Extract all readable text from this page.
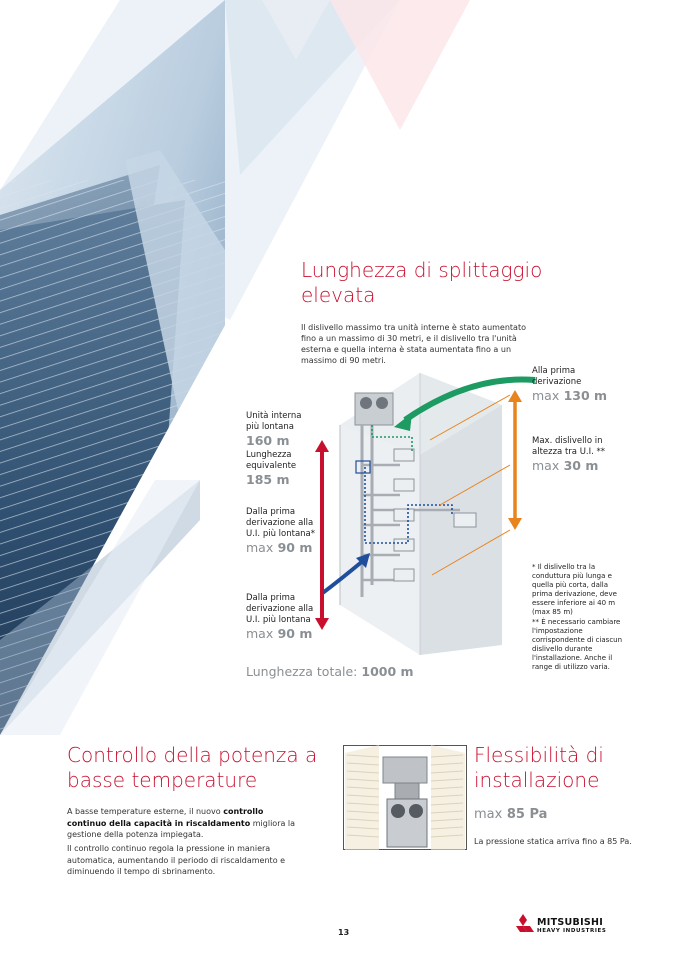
Lunghezza di splittaggio elevata
Il dislivello massimo tra unità interne è stato aumentato fino a un massimo di 30 metri, e il dislivello tra l'unità esterna e quella interna è stata aumentata fino a un massimo di 90 metri.
Unità interna più lontana
160 m
Lunghezza equivalente
185 m
Dalla prima derivazione alla U.I. più lontana*
max 90 m
Dalla prima derivazione alla U.I. più lontana
max 90 m
Alla prima derivazione
max 130 m
Max. dislivello in altezza tra U.I. **
max 30 m
* Il dislivello tra la conduttura più lunga e quella più corta, dalla prima derivazione, deve essere inferiore ai 40 m (max 85 m)
** È necessario cambiare l'impostazione corrispondente di ciascun dislivello durante l'installazione. Anche il range di utilizzo varia.
Lunghezza totale: 1000 m
Controllo della potenza a basse temperature
A basse temperature esterne, il nuovo controllo continuo della capacità in riscaldamento migliora la gestione della potenza impiegata.
Il controllo continuo regola la pressione in maniera automatica, aumentando il periodo di riscaldamento e diminuendo il tempo di sbrinamento.
Flessibilità di installazione
max 85 Pa
La pressione statica arriva fino a 85 Pa.
13
MITSUBISHI
HEAVY INDUSTRIES
